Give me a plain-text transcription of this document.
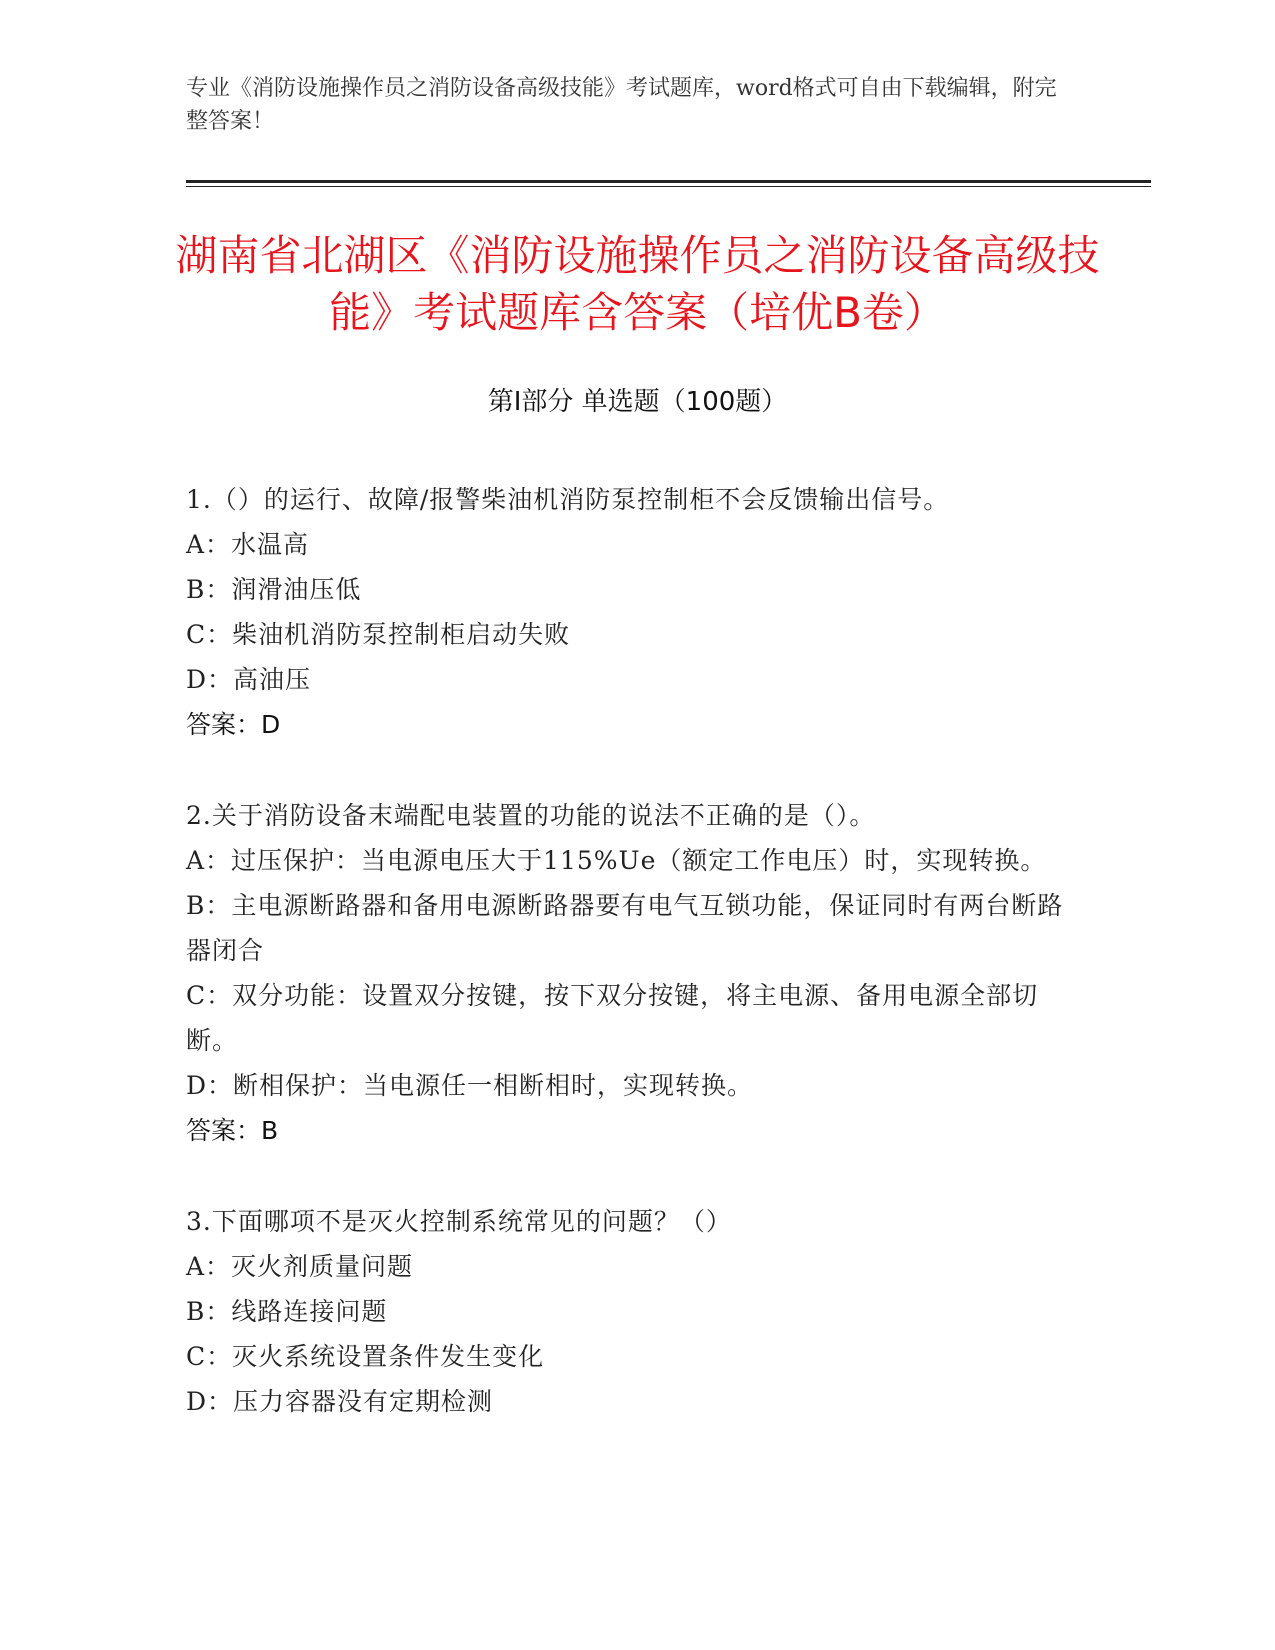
专业《消防设施操作员之消防设备高级技能》考试题库，word格式可自由下载编辑，附完整答案！
湖南省北湖区《消防设施操作员之消防设备高级技能》考试题库含答案（培优B卷）
第I部分 单选题（100题）
1.（）的运行、故障/报警柴油机消防泵控制柜不会反馈输出信号。
A：水温高
B：润滑油压低
C：柴油机消防泵控制柜启动失败
D：高油压
答案：D
2.关于消防设备末端配电装置的功能的说法不正确的是（）。
A：过压保护：当电源电压大于115%Ue（额定工作电压）时，实现转换。
B：主电源断路器和备用电源断路器要有电气互锁功能，保证同时有两台断路器闭合
C：双分功能：设置双分按键，按下双分按键，将主电源、备用电源全部切断。
D：断相保护：当电源任一相断相时，实现转换。
答案：B
3.下面哪项不是灭火控制系统常见的问题？（）
A：灭火剂质量问题
B：线路连接问题
C：灭火系统设置条件发生变化
D：压力容器没有定期检测
